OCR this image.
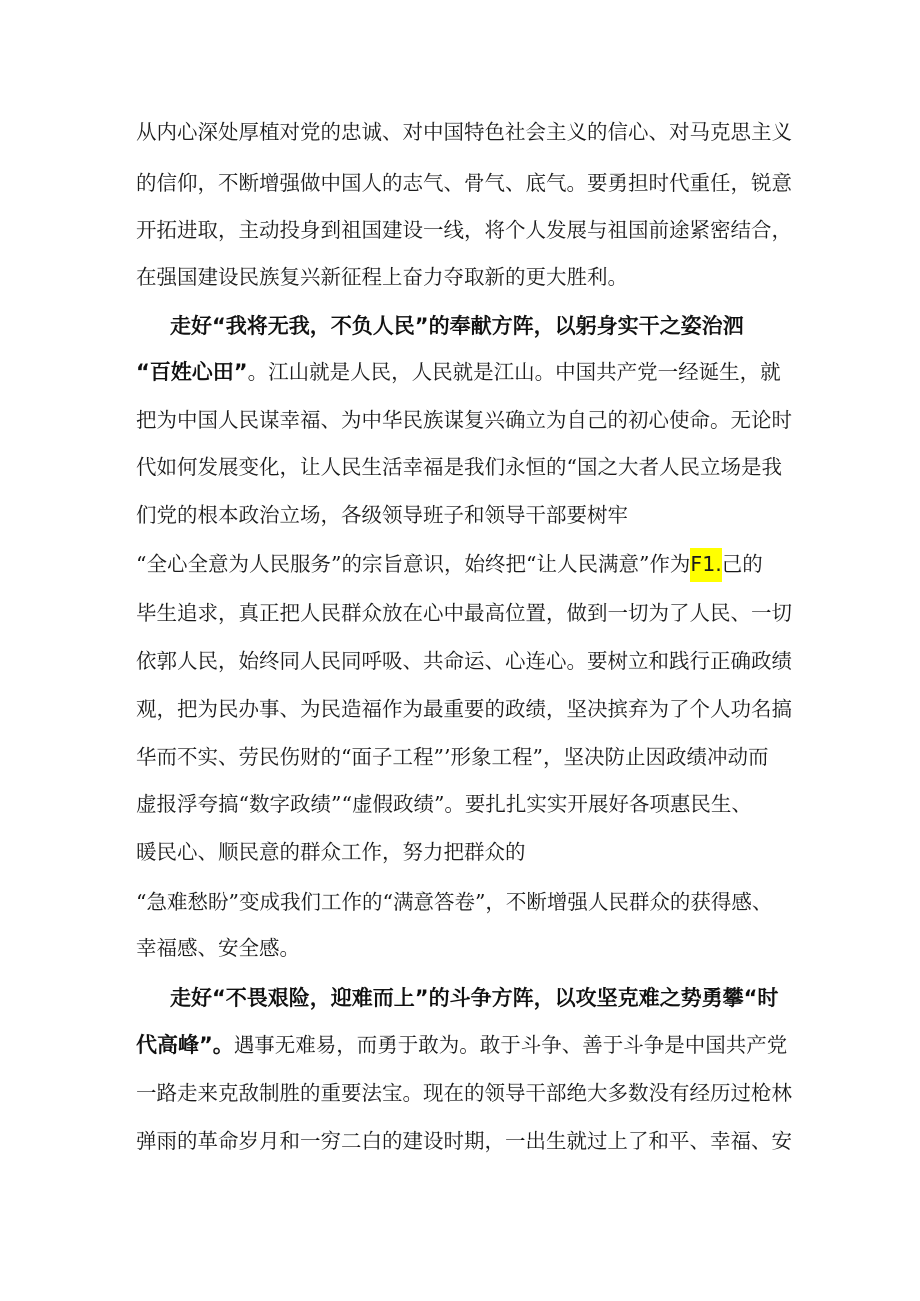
从内心深处厚植对党的忠诚、对中国特色社会主义的信心、对马克思主义
的信仰，不断增强做中国人的志气、骨气、底气。要勇担时代重任，锐意
开拓进取，主动投身到祖国建设一线，将个人发展与祖国前途紧密结合，
在强国建设民族复兴新征程上奋力夺取新的更大胜利。
走好“我将无我，不负人民”的奉献方阵，以躬身实干之姿治泗
“百姓心田”。江山就是人民，人民就是江山。中国共产党一经诞生，就
把为中国人民谋幸福、为中华民族谋复兴确立为自己的初心使命。无论时
代如何发展变化，让人民生活幸福是我们永恒的“国之大者人民立场是我
们党的根本政治立场，各级领导班子和领导干部要树牢
“全心全意为人民服务”的宗旨意识，始终把“让人民满意”作为F1.己的
毕生追求，真正把人民群众放在心中最高位置，做到一切为了人民、一切
依郭人民，始终同人民同呼吸、共命运、心连心。要树立和践行正确政绩
观，把为民办事、为民造福作为最重要的政绩，坚决摈弃为了个人功名搞
华而不实、劳民伤财的“面子工程”’形象工程”，坚决防止因政绩冲动而
虚报浮夸搞“数字政绩”“虚假政绩”。要扎扎实实开展好各项惠民生、
暖民心、顺民意的群众工作，努力把群众的
“急难愁盼”变成我们工作的“满意答卷”，不断增强人民群众的获得感、
幸福感、安全感。
走好“不畏艰险，迎难而上”的斗争方阵，以攻坚克难之势勇攀“时
代高峰”。遇事无难易，而勇于敢为。敢于斗争、善于斗争是中国共产党
一路走来克敌制胜的重要法宝。现在的领导干部绝大多数没有经历过枪林
弹雨的革命岁月和一穷二白的建设时期，一出生就过上了和平、幸福、安
